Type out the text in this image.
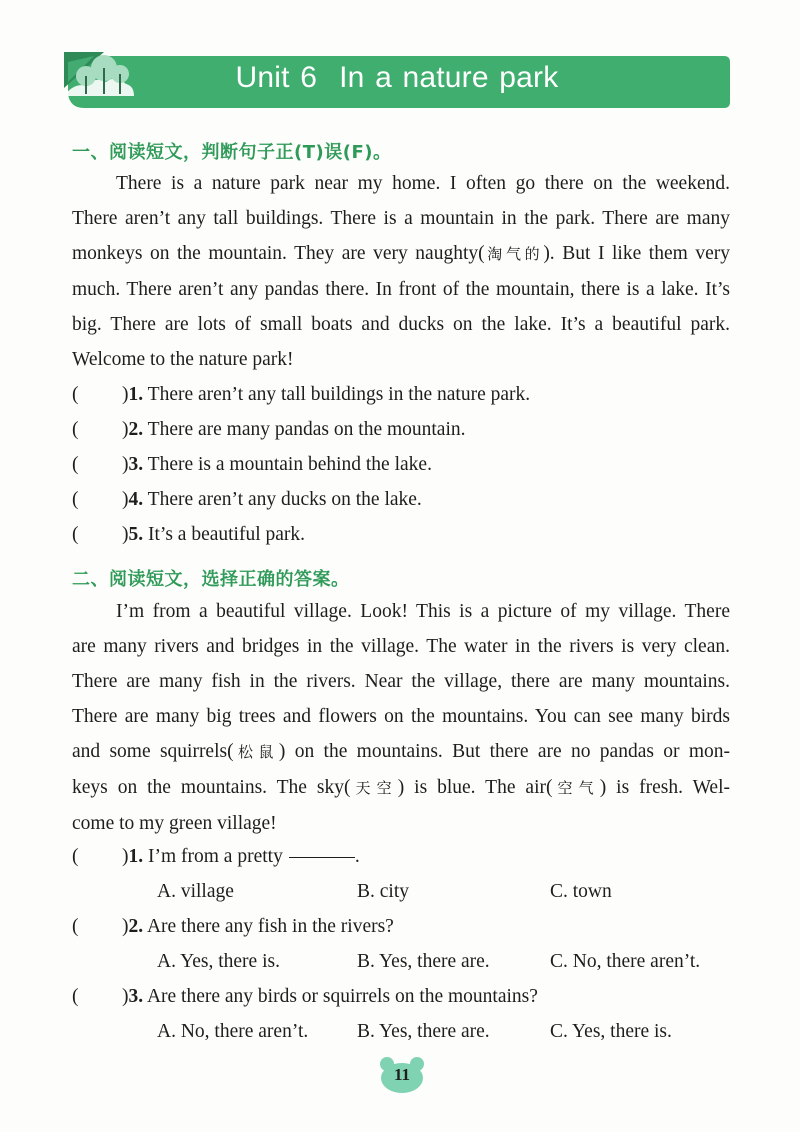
Unit 6 In a nature park
一、阅读短文，判断句子正(T)误(F)。
There is a nature park near my home. I often go there on the weekend.
There aren’t any tall buildings. There is a mountain in the park. There are many
monkeys on the mountain. They are very naughty(淘气的). But I like them very
much. There aren’t any pandas there. In front of the mountain, there is a lake. It’s
big. There are lots of small boats and ducks on the lake. It’s a beautiful park.
Welcome to the nature park!
( )1. There aren’t any tall buildings in the nature park.
( )2. There are many pandas on the mountain.
( )3. There is a mountain behind the lake.
( )4. There aren’t any ducks on the lake.
( )5. It’s a beautiful park.
二、阅读短文，选择正确的答案。
I’m from a beautiful village. Look! This is a picture of my village. There
are many rivers and bridges in the village. The water in the rivers is very clean.
There are many fish in the rivers. Near the village, there are many mountains.
There are many big trees and flowers on the mountains. You can see many birds
and some squirrels(松鼠) on the mountains. But there are no pandas or mon-
keys on the mountains. The sky(天空) is blue. The air(空气) is fresh. Wel-
come to my green village!
( )1. I’m from a pretty	.
A. village	B. city	C. town
( )2. Are there any fish in the rivers?
A. Yes, there is.	B. Yes, there are.	C. No, there aren’t.
( )3. Are there any birds or squirrels on the mountains?
A. No, there aren’t.	B. Yes, there are.	C. Yes, there is.
11
